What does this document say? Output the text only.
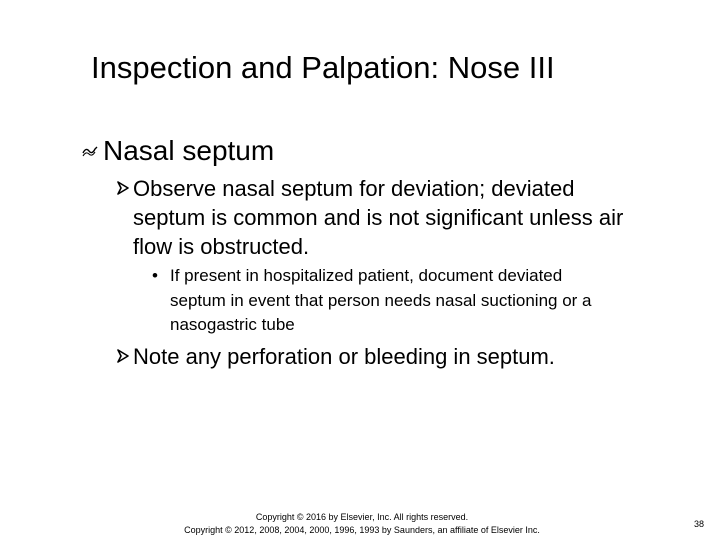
Inspection and Palpation: Nose III
Nasal septum
Observe nasal septum for deviation; deviated
septum is common and is not significant unless air
flow is obstructed.
• If present in hospitalized patient, document deviated
septum in event that person needs nasal suctioning or a
nasogastric tube
Note any perforation or bleeding in septum.
Copyright © 2016 by Elsevier, Inc. All rights reserved.
Copyright © 2012, 2008, 2004, 2000, 1996, 1993 by Saunders, an affiliate of Elsevier Inc.
38
